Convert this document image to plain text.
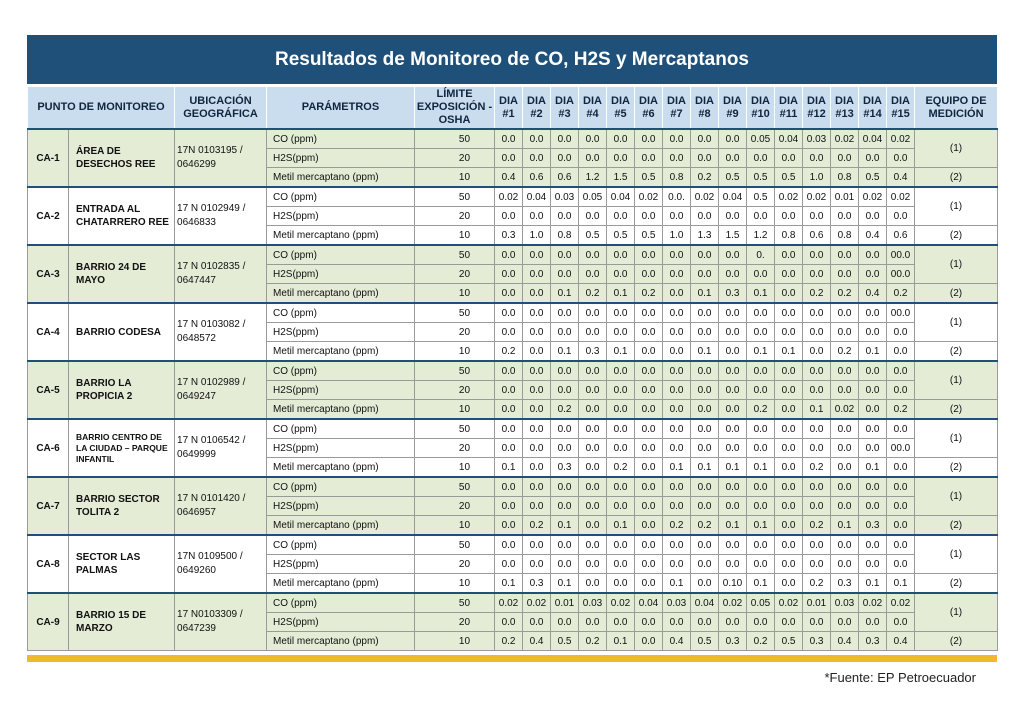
Resultados de Monitoreo de CO, H2S y Mercaptanos
PUNTO DE MONITOREO		UBICACIÓN GEOGRÁFICA	PARÁMETROS	LÍMITE EXPOSICIÓN - OSHA	DIA #1	DIA #2	DIA #3	DIA #4	DIA #5	DIA #6	DIA #7	DIA #8	DIA #9	DIA #10	DIA #11	DIA #12	DIA #13	DIA #14	DIA #15	EQUIPO DE MEDICIÓN
CA-1	ÁREA DE DESECHOS REE	17N 0103195 / 0646299	CO (ppm)	50	0.0	0.0	0.0	0.0	0.0	0.0	0.0	0.0	0.0	0.05	0.04	0.03	0.02	0.04	0.02	(1)
			H2S(ppm)	20	0.0	0.0	0.0	0.0	0.0	0.0	0.0	0.0	0.0	0.0	0.0	0.0	0.0	0.0	0.0	
			Metil mercaptano (ppm)	10	0.4	0.6	0.6	1.2	1.5	0.5	0.8	0.2	0.5	0.5	0.5	1.0	0.8	0.5	0.4	(2)
CA-2	ENTRADA AL CHATARRERO REE	17 N 0102949 / 0646833	CO (ppm)	50	0.02	0.04	0.03	0.05	0.04	0.02	0.0.	0.02	0.04	0.5	0.02	0.02	0.01	0.02	0.02	(1)
			H2S(ppm)	20	0.0	0.0	0.0	0.0	0.0	0.0	0.0	0.0	0.0	0.0	0.0	0.0	0.0	0.0	0.0	
			Metil mercaptano (ppm)	10	0.3	1.0	0.8	0.5	0.5	0.5	1.0	1.3	1.5	1.2	0.8	0.6	0.8	0.4	0.6	(2)
CA-3	BARRIO 24 DE MAYO	17 N 0102835 / 0647447	CO (ppm)	50	0.0	0.0	0.0	0.0	0.0	0.0	0.0	0.0	0.0	0.	0.0	0.0	0.0	0.0	00.0	(1)
			H2S(ppm)	20	0.0	0.0	0.0	0.0	0.0	0.0	0.0	0.0	0.0	0.0	0.0	0.0	0.0	0.0	00.0	
			Metil mercaptano (ppm)	10	0.0	0.0	0.1	0.2	0.1	0.2	0.0	0.1	0.3	0.1	0.0	0.2	0.2	0.4	0.2	(2)
CA-4	BARRIO CODESA	17 N 0103082 / 0648572	CO (ppm)	50	0.0	0.0	0.0	0.0	0.0	0.0	0.0	0.0	0.0	0.0	0.0	0.0	0.0	0.0	00.0	(1)
			H2S(ppm)	20	0.0	0.0	0.0	0.0	0.0	0.0	0.0	0.0	0.0	0.0	0.0	0.0	0.0	0.0	0.0	
			Metil mercaptano (ppm)	10	0.2	0.0	0.1	0.3	0.1	0.0	0.0	0.1	0.0	0.1	0.1	0.0	0.2	0.1	0.0	(2)
CA-5	BARRIO LA PROPICIA 2	17 N 0102989 / 0649247	CO (ppm)	50	0.0	0.0	0.0	0.0	0.0	0.0	0.0	0.0	0.0	0.0	0.0	0.0	0.0	0.0	0.0	(1)
			H2S(ppm)	20	0.0	0.0	0.0	0.0	0.0	0.0	0.0	0.0	0.0	0.0	0.0	0.0	0.0	0.0	0.0	
			Metil mercaptano (ppm)	10	0.0	0.0	0.2	0.0	0.0	0.0	0.0	0.0	0.0	0.2	0.0	0.1	0.02	0.0	0.2	(2)
CA-6	BARRIO CENTRO DE LA CIUDAD – PARQUE INFANTIL	17 N 0106542 / 0649999	CO (ppm)	50	0.0	0.0	0.0	0.0	0.0	0.0	0.0	0.0	0.0	0.0	0.0	0.0	0.0	0.0	0.0	(1)
			H2S(ppm)	20	0.0	0.0	0.0	0.0	0.0	0.0	0.0	0.0	0.0	0.0	0.0	0.0	0.0	0.0	00.0	
			Metil mercaptano (ppm)	10	0.1	0.0	0.3	0.0	0.2	0.0	0.1	0.1	0.1	0.1	0.0	0.2	0.0	0.1	0.0	(2)
CA-7	BARRIO SECTOR TOLITA 2	17 N 0101420 / 0646957	CO (ppm)	50	0.0	0.0	0.0	0.0	0.0	0.0	0.0	0.0	0.0	0.0	0.0	0.0	0.0	0.0	0.0	(1)
			H2S(ppm)	20	0.0	0.0	0.0	0.0	0.0	0.0	0.0	0.0	0.0	0.0	0.0	0.0	0.0	0.0	0.0	
			Metil mercaptano (ppm)	10	0.0	0.2	0.1	0.0	0.1	0.0	0.2	0.2	0.1	0.1	0.0	0.2	0.1	0.3	0.0	(2)
CA-8	SECTOR LAS PALMAS	17N 0109500 / 0649260	CO (ppm)	50	0.0	0.0	0.0	0.0	0.0	0.0	0.0	0.0	0.0	0.0	0.0	0.0	0.0	0.0	0.0	(1)
			H2S(ppm)	20	0.0	0.0	0.0	0.0	0.0	0.0	0.0	0.0	0.0	0.0	0.0	0.0	0.0	0.0	0.0	
			Metil mercaptano (ppm)	10	0.1	0.3	0.1	0.0	0.0	0.0	0.1	0.0	0.10	0.1	0.0	0.2	0.3	0.1	0.1	(2)
CA-9	BARRIO 15 DE MARZO	17 N0103309 / 0647239	CO (ppm)	50	0.02	0.02	0.01	0.03	0.02	0.04	0.03	0.04	0.02	0.05	0.02	0.01	0.03	0.02	0.02	(1)
			H2S(ppm)	20	0.0	0.0	0.0	0.0	0.0	0.0	0.0	0.0	0.0	0.0	0.0	0.0	0.0	0.0	0.0	
			Metil mercaptano (ppm)	10	0.2	0.4	0.5	0.2	0.1	0.0	0.4	0.5	0.3	0.2	0.5	0.3	0.4	0.3	0.4	(2)
*Fuente: EP Petroecuador
